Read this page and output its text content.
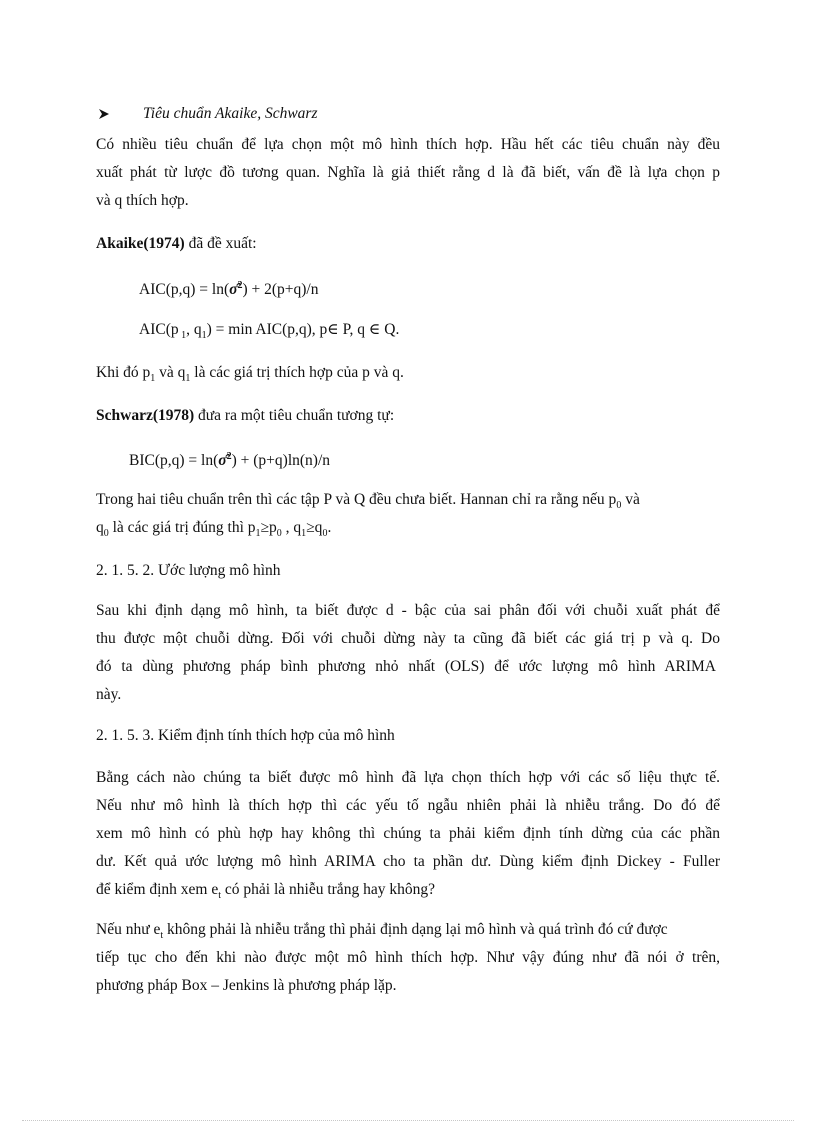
Tiêu chuẩn Akaike, Schwarz
Có nhiều tiêu chuẩn để lựa chọn một mô hình thích hợp. Hầu hết các tiêu chuẩn này đều
xuất phát từ lược đồ tương quan. Nghĩa là giả thiết rằng d là đã biết, vấn đề là lựa chọn p
và q thích hợp.
Akaike(1974) đã đề xuất:
AIC(p,q) = ln(σ̂$^2$) + 2(p+q)/n
AIC(p $_1$, $q_1) = \min AIC(p,q)$, p∈ P, q ∈ Q.
Khi đó $p_1$ và $q_1$ là các giá trị thích hợp của p và q.
Schwarz(1978) đưa ra một tiêu chuẩn tương tự:
BIC(p,q) = ln(σ̂$^2$) + (p+q)ln(n)/n
Trong hai tiêu chuẩn trên thì các tập P và Q đều chưa biết. Hannan chỉ ra rằng nếu $p_0$ và
$q_0$ là các giá trị đúng thì $p_1\ge p_0$ , $q_1\ge q_0$.
2. 1. 5. 2. Ước lượng mô hình
Sau khi định dạng mô hình, ta biết được d - bậc của sai phân đối với chuỗi xuất phát để
thu được một chuỗi dừng. Đối với chuỗi dừng này ta cũng đã biết các giá trị p và q. Do
đó ta dùng phương pháp bình phương nhỏ nhất (OLS) để ước lượng mô hình ARIMA
này.
2. 1. 5. 3. Kiểm định tính thích hợp của mô hình
Bằng cách nào chúng ta biết được mô hình đã lựa chọn thích hợp với các số liệu thực tế.
Nếu như mô hình là thích hợp thì các yếu tố ngẫu nhiên phải là nhiễu trắng. Do đó để
xem mô hình có phù hợp hay không thì chúng ta phải kiểm định tính dừng của các phần
dư. Kết quả ước lượng mô hình ARIMA cho ta phần dư. Dùng kiểm định Dickey - Fuller
để kiểm định xem $e_t$ có phải là nhiễu trắng hay không?
Nếu như $e_t$ không phải là nhiễu trắng thì phải định dạng lại mô hình và quá trình đó cứ được
tiếp tục cho đến khi nào được một mô hình thích hợp. Như vậy đúng như đã nói ở trên,
phương pháp Box – Jenkins là phương pháp lặp.
